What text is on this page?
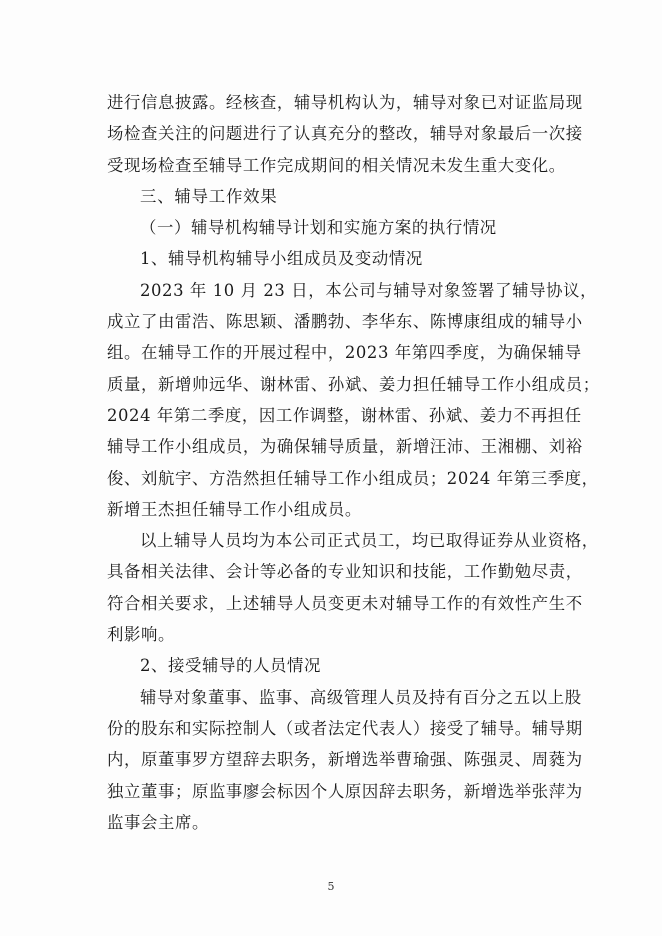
进行信息披露。经核查，辅导机构认为，辅导对象已对证监局现
场检查关注的问题进行了认真充分的整改，辅导对象最后一次接
受现场检查至辅导工作完成期间的相关情况未发生重大变化。
三、辅导工作效果
（一）辅导机构辅导计划和实施方案的执行情况
1、辅导机构辅导小组成员及变动情况
2023 年 10 月 23 日，本公司与辅导对象签署了辅导协议，
成立了由雷浩、陈思颖、潘鹏勃、李华东、陈博康组成的辅导小
组。在辅导工作的开展过程中，2023 年第四季度，为确保辅导
质量，新增帅远华、谢林雷、孙斌、姜力担任辅导工作小组成员；
2024 年第二季度，因工作调整，谢林雷、孙斌、姜力不再担任
辅导工作小组成员，为确保辅导质量，新增汪沛、王湘棚、刘裕
俊、刘航宇、方浩然担任辅导工作小组成员；2024 年第三季度，
新增王杰担任辅导工作小组成员。
以上辅导人员均为本公司正式员工，均已取得证券从业资格，
具备相关法律、会计等必备的专业知识和技能，工作勤勉尽责，
符合相关要求，上述辅导人员变更未对辅导工作的有效性产生不
利影响。
2、接受辅导的人员情况
辅导对象董事、监事、高级管理人员及持有百分之五以上股
份的股东和实际控制人（或者法定代表人）接受了辅导。辅导期
内，原董事罗方望辞去职务，新增选举曹瑜强、陈强灵、周蕤为
独立董事；原监事廖会标因个人原因辞去职务，新增选举张萍为
监事会主席。
5
